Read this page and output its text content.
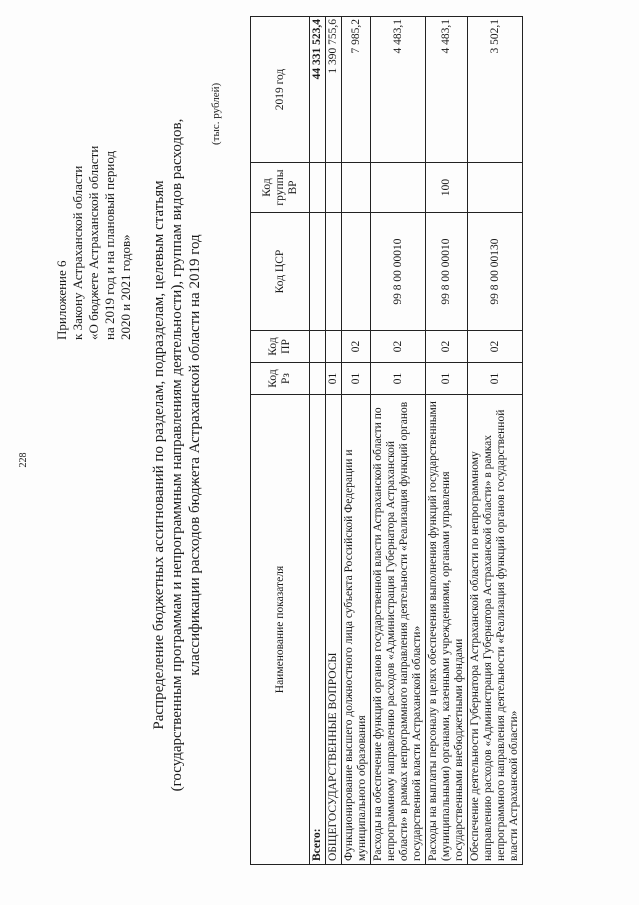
228
Приложение 6 к Закону Астраханской области «О бюджете Астраханской области на 2019 год и на плановый период 2020 и 2021 годов» Распределение бюджетных ассигнований по разделам, подразделам, целевым статьям (государственным программам и непрограммным направлениям деятельности), группам видов расходов, классификации расходов бюджета Астраханской области на 2019 год
(тыс. рублей)
Наименование показателя	Код Рз	Код ПР	Код ЦСР	Код группы ВР	2019 год
Всего:					44 331 523,4
ОБЩЕГОСУДАРСТВЕННЫЕ ВОПРОСЫ	01				1 390 755,6
Функционирование высшего должностного лица субъекта Российской Федерации и муниципального образования	01	02			7 985,2
Расходы на обеспечение функций органов государственной власти Астраханской области по непрограммному направлению расходов «Администрация Губернатора Астраханской области» в рамках непрограммного направления деятельности «Реализация функций органов государственной власти Астраханской области»	01	02	99 8 00 00010		4 483,1
Расходы на выплаты персоналу в целях обеспечения выполнения функций государственными (муниципальными) органами, казенными учреждениями, органами управления государственными внебюджетными фондами	01	02	99 8 00 00010	100	4 483,1
Обеспечение деятельности Губернатора Астраханской области по непрограммному направлению расходов «Администрация Губернатора Астраханской области» в рамках непрограммного направления деятельности «Реализация функций органов государственной власти Астраханской области»	01	02	99 8 00 00130		3 502,1
